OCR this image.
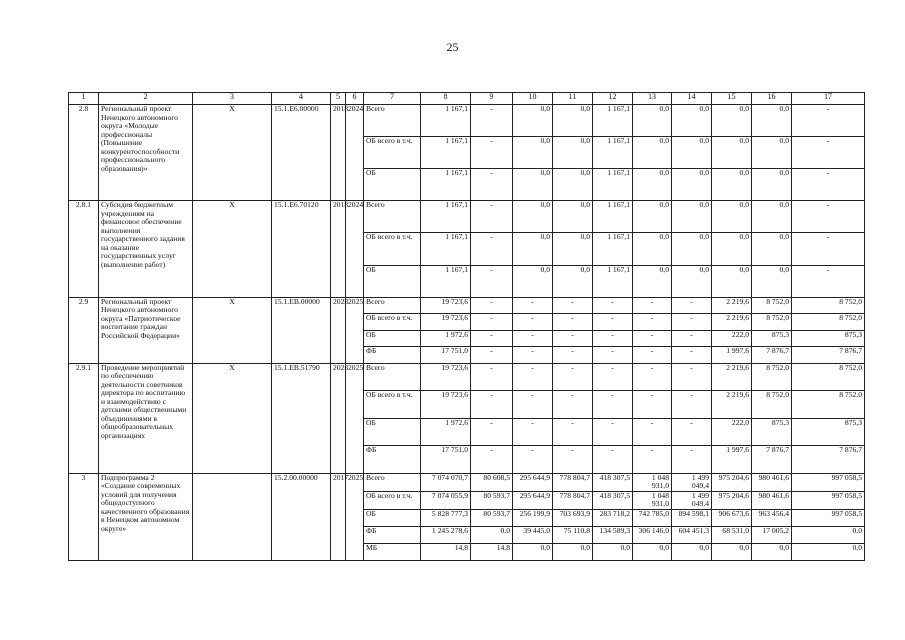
25
1	2	3	4	5	6	7	8	9	10	11	12	13	14	15	16	17
2.8	Региональный проект Ненецкого автономного округа «Молодые профессионалы (Повышение конкурентоспособности профессионального образования)»	X	15.1.E6.00000	2018	2024	Всего	1 167,1	-	0,0	0,0	1 167,1	0,0	0,0	0,0	0,0	-
						ОБ всего в т.ч.	1 167,1	-	0,0	0,0	1 167,1	0,0	0,0	0,0	0,0	-
						ОБ	1 167,1	-	0,0	0,0	1 167,1	0,0	0,0	0,0	0,0	-
2.8.1	Субсидия бюджетным учреждениям на финансовое обеспечение выполнения государственного задания на оказание государственных услуг (выполнение работ)	X	15.1.E6.70120	2018	2024	Всего	1 167,1	-	0,0	0,0	1 167,1	0,0	0,0	0,0	0,0	-
						ОБ всего в т.ч.	1 167,1	-	0,0	0,0	1 167,1	0,0	0,0	0,0	0,0	-
						ОБ	1 167,1	-	0,0	0,0	1 167,1	0,0	0,0	0,0	0,0	-
2.9	Региональный проект Ненецкого автономного округа «Патриотическое воспитание граждан Российской Федерации»	X	15.1.EB.00000	2023	2025	Всего	19 723,6	-	-	-	-	-	-	2 219,6	8 752,0	8 752,0
						ОБ всего в т.ч.	19 723,6	-	-	-	-	-	-	2 219,6	8 752,0	8 752,0
						ОБ	1 972,6	-	-	-	-	-	-	222,0	875,3	875,3
						ФБ	17 751,0	-	-	-	-	-	-	1 997,6	7 876,7	7 876,7
2.9.1	Проведение мероприятий по обеспечению деятельности советников директора по воспитанию и взаимодействию с детскими общественными объединениями в общеобразовательных организациях	X	15.1.EB.51790	2023	2025	Всего	19 723,6	-	-	-	-	-	-	2 219,6	8 752,0	8 752,0
						ОБ всего в т.ч.	19 723,6	-	-	-	-	-	-	2 219,6	8 752,0	8 752,0
						ОБ	1 972,6	-	-	-	-	-	-	222,0	875,3	875,3
						ФБ	17 751,0	-	-	-	-	-	-	1 997,6	7 876,7	7 876,7
3	Подпрограмма 2 «Создание современных условий для получения общедоступного качественного образования в Ненецком автономном округе»		15.2.00.00000	2017	2025	Всего	7 074 070,7	80 608,5	295 644,9	778 804,7	418 307,5	1 048 931,0	1 499 049,4	975 204,6	980 461,6	997 058,5
						ОБ всего в т.ч.	7 074 055,9	80 593,7	295 644,9	778 804,7	418 307,5	1 048 931,0	1 499 049,4	975 204,6	980 461,6	997 058,5
						ОБ	5 828 777,3	80 593,7	256 199,9	703 693,9	283 718,2	742 785,0	894 598,1	906 673,6	963 456,4	997 058,5
						ФБ	1 245 278,6	0,0	39 445,0	75 110,8	134 589,3	306 146,0	604 451,3	68 531,0	17 005,2	0,0
						МБ	14,8	14,8	0,0	0,0	0,0	0,0	0,0	0,0	0,0	0,0
